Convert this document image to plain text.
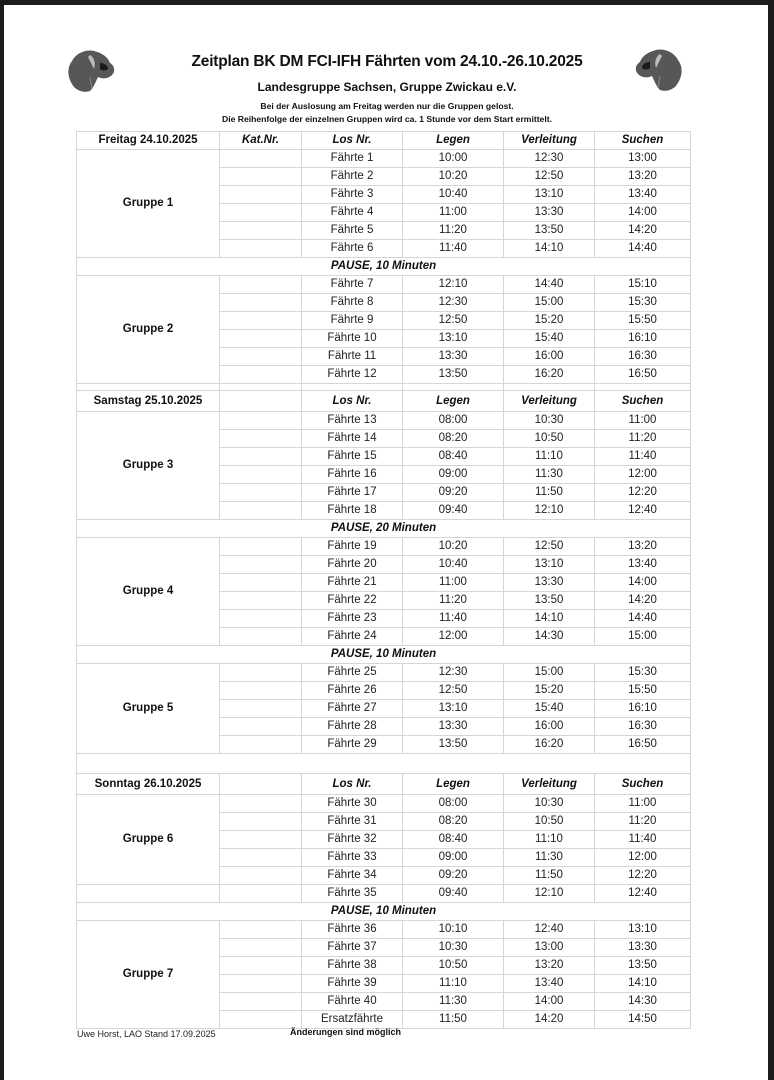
Zeitplan BK DM FCI-IFH Fährten vom 24.10.-26.10.2025
Landesgruppe Sachsen, Gruppe Zwickau e.V.
Bei der Auslosung am Freitag werden nur die Gruppen gelost.
Die Reihenfolge der einzelnen Gruppen wird ca. 1 Stunde vor dem Start ermittelt.
Freitag 24.10.2025	Kat.Nr.	Los Nr.	Legen	Verleitung	Suchen
Gruppe 1		Fährte 1	10:00	12:30	13:00
		Fährte 2	10:20	12:50	13:20
		Fährte 3	10:40	13:10	13:40
		Fährte 4	11:00	13:30	14:00
		Fährte 5	11:20	13:50	14:20
		Fährte 6	11:40	14:10	14:40
PAUSE, 10 Minuten					
Gruppe 2		Fährte 7	12:10	14:40	15:10
		Fährte 8	12:30	15:00	15:30
		Fährte 9	12:50	15:20	15:50
		Fährte 10	13:10	15:40	16:10
		Fährte 11	13:30	16:00	16:30
		Fährte 12	13:50	16:20	16:50

Samstag 25.10.2025		Los Nr.	Legen	Verleitung	Suchen
Gruppe 3		Fährte 13	08:00	10:30	11:00
		Fährte 14	08:20	10:50	11:20
		Fährte 15	08:40	11:10	11:40
		Fährte 16	09:00	11:30	12:00
		Fährte 17	09:20	11:50	12:20
		Fährte 18	09:40	12:10	12:40
PAUSE, 20 Minuten					
Gruppe 4		Fährte 19	10:20	12:50	13:20
		Fährte 20	10:40	13:10	13:40
		Fährte 21	11:00	13:30	14:00
		Fährte 22	11:20	13:50	14:20
		Fährte 23	11:40	14:10	14:40
		Fährte 24	12:00	14:30	15:00
PAUSE, 10 Minuten					
Gruppe 5		Fährte 25	12:30	15:00	15:30
		Fährte 26	12:50	15:20	15:50
		Fährte 27	13:10	15:40	16:10
		Fährte 28	13:30	16:00	16:30
		Fährte 29	13:50	16:20	16:50

Sonntag 26.10.2025		Los Nr.	Legen	Verleitung	Suchen
Gruppe 6		Fährte 30	08:00	10:30	11:00
		Fährte 31	08:20	10:50	11:20
		Fährte 32	08:40	11:10	11:40
		Fährte 33	09:00	11:30	12:00
		Fährte 34	09:20	11:50	12:20
		Fährte 35	09:40	12:10	12:40
PAUSE, 10 Minuten					
Gruppe 7		Fährte 36	10:10	12:40	13:10
		Fährte 37	10:30	13:00	13:30
		Fährte 38	10:50	13:20	13:50
		Fährte 39	11:10	13:40	14:10
		Fährte 40	11:30	14:00	14:30
		Ersatzfährte	11:50	14:20	14:50
Uwe Horst, LAO Stand 17.09.2025	Änderungen sind möglich
